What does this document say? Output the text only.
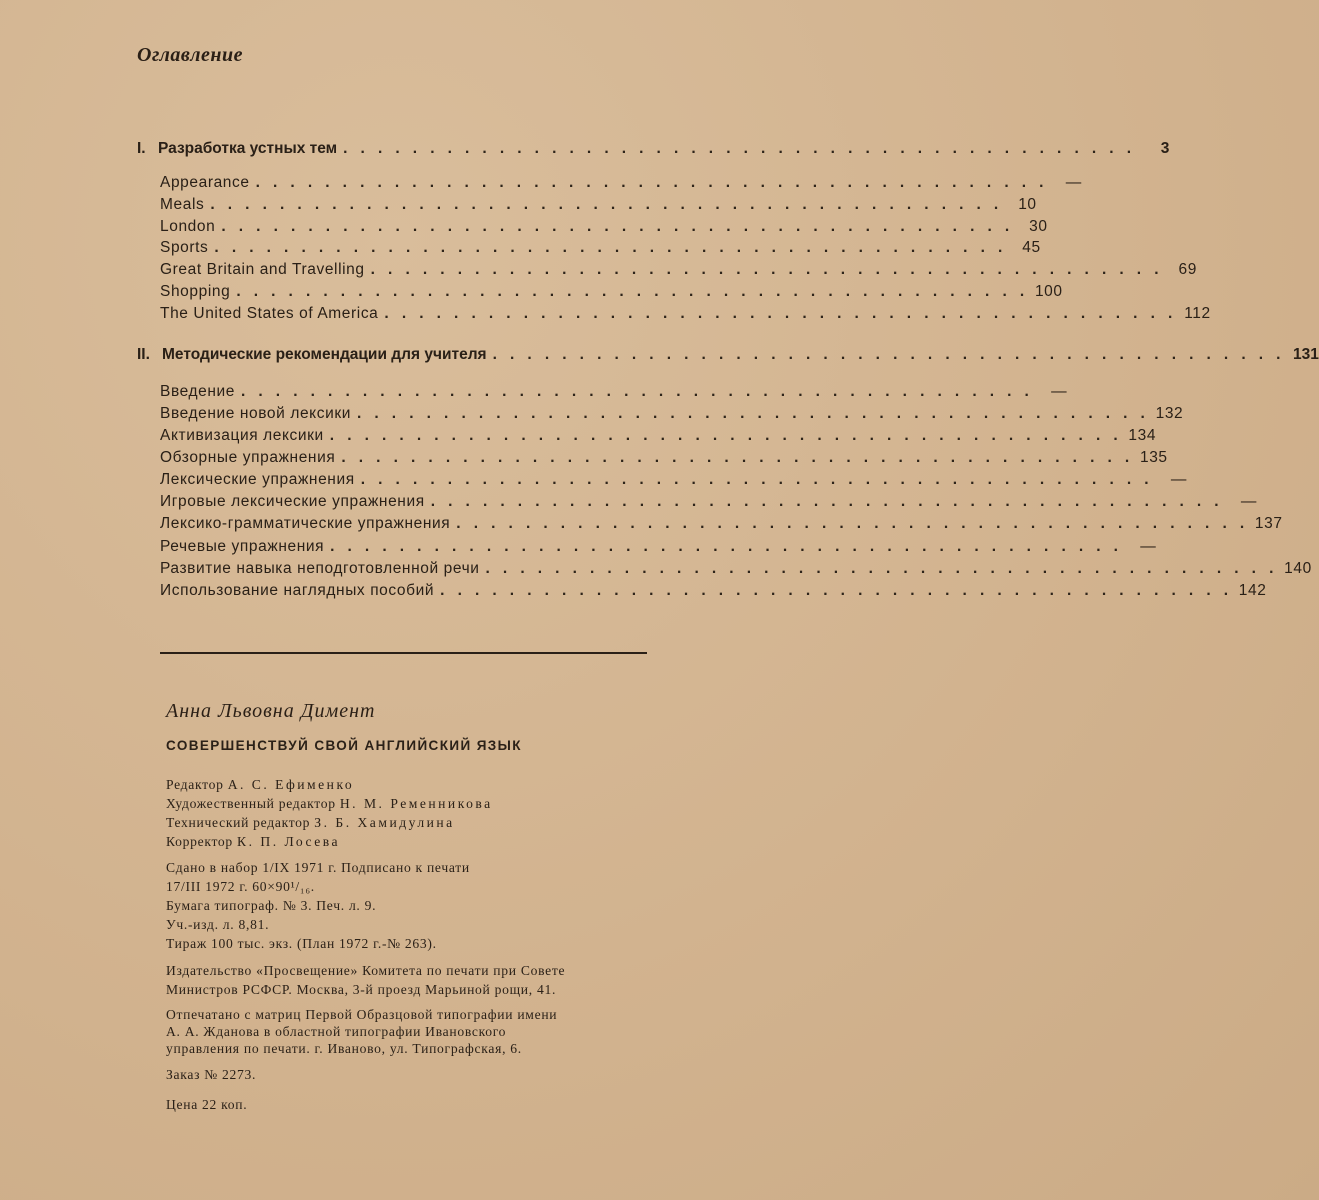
Оглавление
I. Разработка устных тем . . . . . . . . . . . . . . . . . . . . . . . . . . . . . . . . . . . . . . . . . . . . . .	3
Appearance . . . . . . . . . . . . . . . . . . . . . . . . . . . . . . . . . . . . . . . . . . . . . .	—
Meals . . . . . . . . . . . . . . . . . . . . . . . . . . . . . . . . . . . . . . . . . . . . . .	10
London . . . . . . . . . . . . . . . . . . . . . . . . . . . . . . . . . . . . . . . . . . . . . .	30
Sports . . . . . . . . . . . . . . . . . . . . . . . . . . . . . . . . . . . . . . . . . . . . . .	45
Great Britain and Travelling . . . . . . . . . . . . . . . . . . . . . . . . . . . . . . . . . . . . . . . . . . . . . .	69
Shopping . . . . . . . . . . . . . . . . . . . . . . . . . . . . . . . . . . . . . . . . . . . . . . 100
The United States of America . . . . . . . . . . . . . . . . . . . . . . . . . . . . . . . . . . . . . . . . . . . . . . 112
II. Методические рекомендации для учителя . . . . . . . . . . . . . . . . . . . . . . . . . . . . . . . . . . . . . . . . . . . . . . 131
Введение . . . . . . . . . . . . . . . . . . . . . . . . . . . . . . . . . . . . . . . . . . . . . .	—
Введение новой лексики . . . . . . . . . . . . . . . . . . . . . . . . . . . . . . . . . . . . . . . . . . . . . . 132
Активизация лексики . . . . . . . . . . . . . . . . . . . . . . . . . . . . . . . . . . . . . . . . . . . . . . 134
Обзорные упражнения . . . . . . . . . . . . . . . . . . . . . . . . . . . . . . . . . . . . . . . . . . . . . . 135
Лексические упражнения . . . . . . . . . . . . . . . . . . . . . . . . . . . . . . . . . . . . . . . . . . . . . .	—
Игровые лексические упражнения . . . . . . . . . . . . . . . . . . . . . . . . . . . . . . . . . . . . . . . . . . . . . .	—
Лексико-грамматические упражнения . . . . . . . . . . . . . . . . . . . . . . . . . . . . . . . . . . . . . . . . . . . . . . 137
Речевые упражнения . . . . . . . . . . . . . . . . . . . . . . . . . . . . . . . . . . . . . . . . . . . . . .	—
Развитие навыка неподготовленной речи . . . . . . . . . . . . . . . . . . . . . . . . . . . . . . . . . . . . . . . . . . . . . . 140
Использование наглядных пособий . . . . . . . . . . . . . . . . . . . . . . . . . . . . . . . . . . . . . . . . . . . . . . 142
Анна Львовна Димент
СОВЕРШЕНСТВУЙ СВОЙ АНГЛИЙСКИЙ ЯЗЫК
Редактор А. С. Ефименко
Художественный редактор Н. М. Ременникова
Технический редактор З. Б. Хамидулина
Корректор К. П. Лосева
Сдано в набор 1/IX 1971 г. Подписано к печати
17/III 1972 г. 60×90¹/₁₆.
Бумага типограф. № 3. Печ. л. 9.
Уч.-изд. л. 8,81.
Тираж 100 тыс. экз. (План 1972 г.-№ 263).
Издательство «Просвещение» Комитета по печати при Совете
Министров РСФСР. Москва, 3-й проезд Марьиной рощи, 41.
Отпечатано с матриц Первой Образцовой типографии имени
А. А. Жданова в областной типографии Ивановского
управления по печати. г. Иваново, ул. Типографская, 6.
Заказ № 2273.
Цена 22 коп.
